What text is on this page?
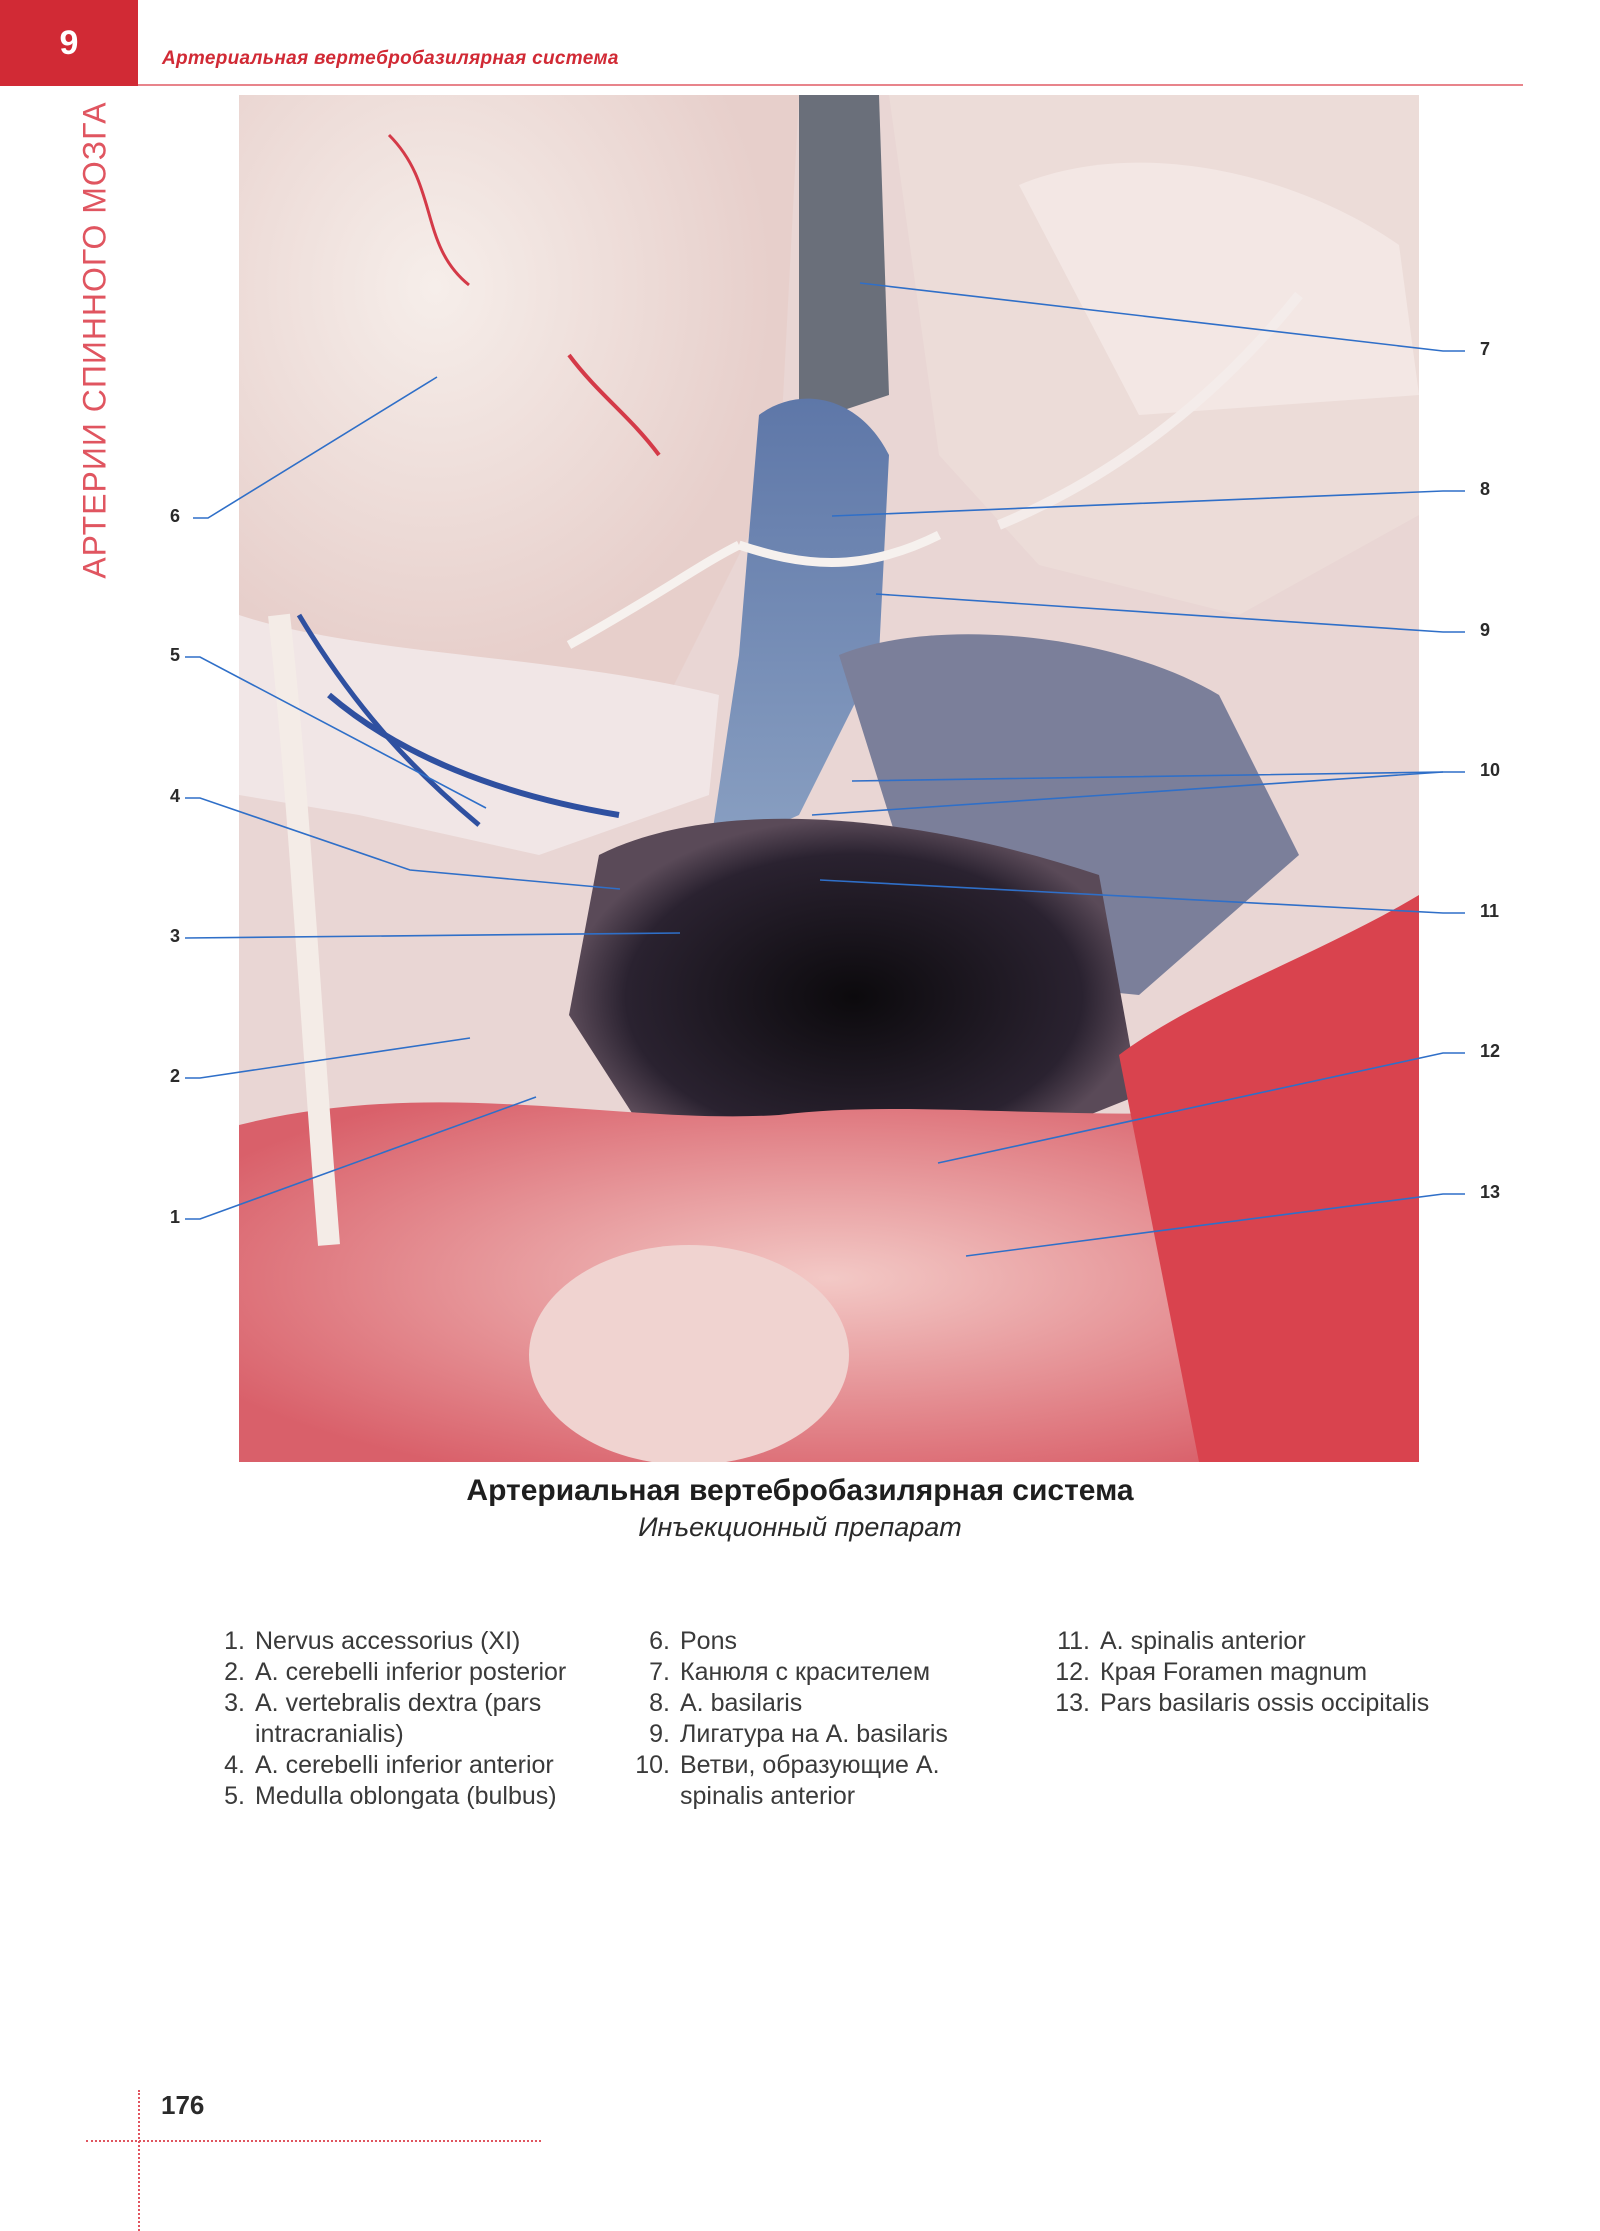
9	Артериальная вертебробазилярная система
АРТЕРИИ СПИННОГО МОЗГА	6
5
4
3
2
1
7
8
9
10
11
12
13
Артериальная вертебробазилярная система
Инъекционный препарат
1. Nervus accessorius (XI)
2. A. cerebelli inferior posterior
3. A. vertebralis dextra (pars intracranialis)
4. A. cerebelli inferior anterior
5. Medulla oblongata (bulbus)
6. Pons
7. Канюля с красителем
8. A. basilaris
9. Лигатура на A. basilaris
10. Ветви, образующие A. spinalis anterior
11. A. spinalis anterior
12. Края Foramen magnum
13. Pars basilaris ossis occipitalis
176
